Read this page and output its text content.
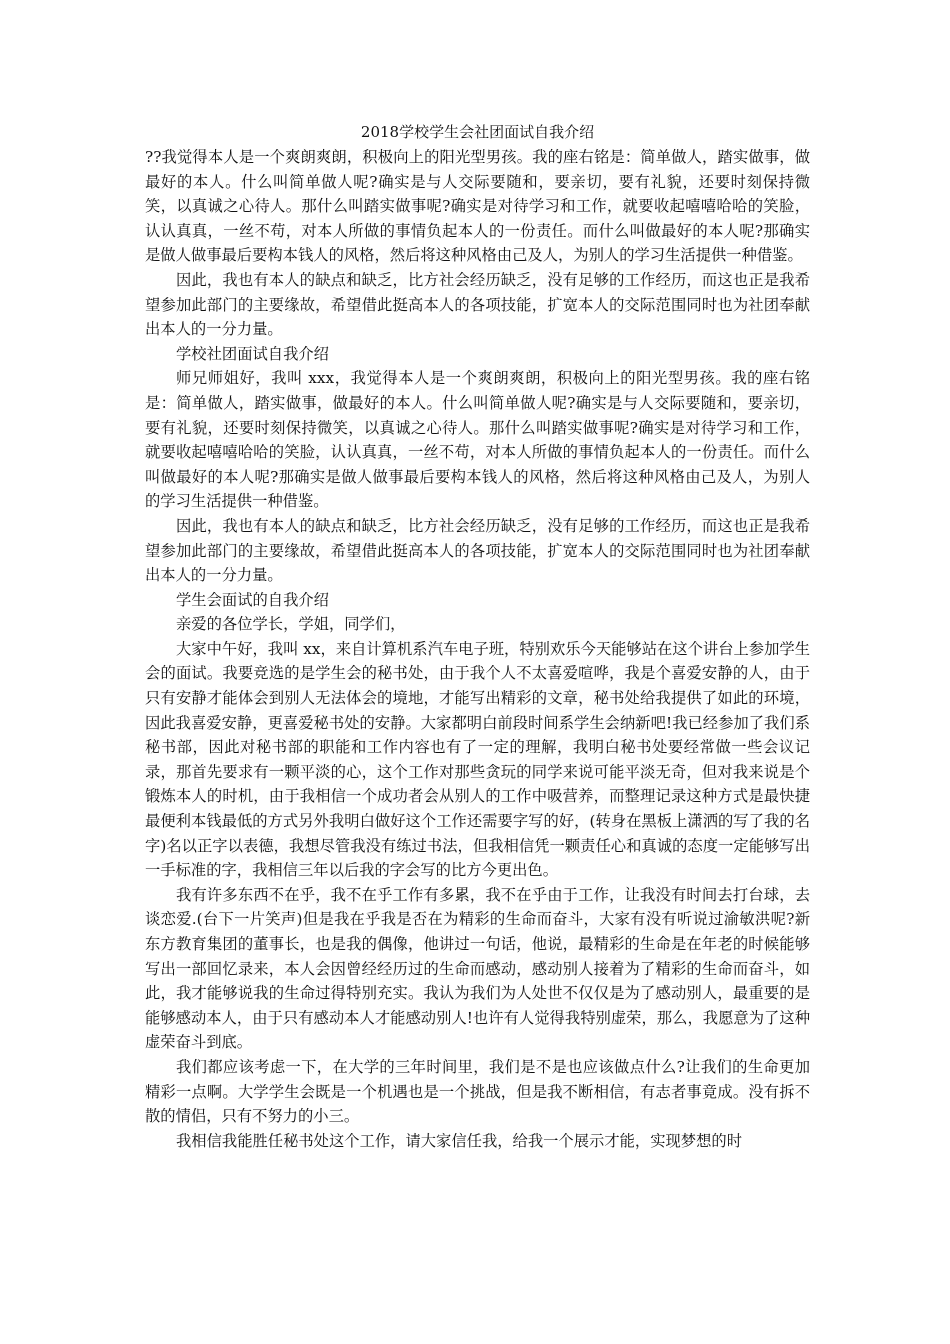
2018学校学生会社团面试自我介绍

??我觉得本人是一个爽朗爽朗，积极向上的阳光型男孩。我的座右铭是：简单做人，踏实做事，做最好的本人。什么叫简单做人呢?确实是与人交际要随和，要亲切，要有礼貌，还要时刻保持微笑，以真诚之心待人。那什么叫踏实做事呢?确实是对待学习和工作，就要收起嘻嘻哈哈的笑脸，认认真真，一丝不苟，对本人所做的事情负起本人的一份责任。而什么叫做最好的本人呢?那确实是做人做事最后要构本钱人的风格，然后将这种风格由己及人，为别人的学习生活提供一种借鉴。

因此，我也有本人的缺点和缺乏，比方社会经历缺乏，没有足够的工作经历，而这也正是我希望参加此部门的主要缘故，希望借此挺高本人的各项技能，扩宽本人的交际范围同时也为社团奉献出本人的一分力量。

学校社团面试自我介绍

师兄师姐好，我叫 xxx，我觉得本人是一个爽朗爽朗，积极向上的阳光型男孩。我的座右铭是：简单做人，踏实做事，做最好的本人。什么叫简单做人呢?确实是与人交际要随和，要亲切，要有礼貌，还要时刻保持微笑，以真诚之心待人。那什么叫踏实做事呢?确实是对待学习和工作，就要收起嘻嘻哈哈的笑脸，认认真真，一丝不苟，对本人所做的事情负起本人的一份责任。而什么叫做最好的本人呢?那确实是做人做事最后要构本钱人的风格，然后将这种风格由己及人，为别人的学习生活提供一种借鉴。

因此，我也有本人的缺点和缺乏，比方社会经历缺乏，没有足够的工作经历，而这也正是我希望参加此部门的主要缘故，希望借此挺高本人的各项技能，扩宽本人的交际范围同时也为社团奉献出本人的一分力量。

学生会面试的自我介绍

亲爱的各位学长，学姐，同学们，

大家中午好，我叫 xx，来自计算机系汽车电子班，特别欢乐今天能够站在这个讲台上参加学生会的面试。我要竞选的是学生会的秘书处，由于我个人不太喜爱喧哗，我是个喜爱安静的人，由于只有安静才能体会到别人无法体会的境地，才能写出精彩的文章，秘书处给我提供了如此的环境，因此我喜爱安静，更喜爱秘书处的安静。大家都明白前段时间系学生会纳新吧!我已经参加了我们系秘书部，因此对秘书部的职能和工作内容也有了一定的理解，我明白秘书处要经常做一些会议记录，那首先要求有一颗平淡的心，这个工作对那些贪玩的同学来说可能平淡无奇，但对我来说是个锻炼本人的时机，由于我相信一个成功者会从别人的工作中吸营养，而整理记录这种方式是最快捷最便利本钱最低的方式另外我明白做好这个工作还需要字写的好，(转身在黑板上潇洒的写了我的名字)名以正字以表德，我想尽管我没有练过书法，但我相信凭一颗责任心和真诚的态度一定能够写出一手标准的字，我相信三年以后我的字会写的比方今更出色。

我有许多东西不在乎，我不在乎工作有多累，我不在乎由于工作，让我没有时间去打台球，去谈恋爱.(台下一片笑声)但是我在乎我是否在为精彩的生命而奋斗，大家有没有听说过渝敏洪呢?新东方教育集团的董事长，也是我的偶像，他讲过一句话，他说，最精彩的生命是在年老的时候能够写出一部回忆录来，本人会因曾经经历过的生命而感动，感动别人接着为了精彩的生命而奋斗，如此，我才能够说我的生命过得特别充实。我认为我们为人处世不仅仅是为了感动别人，最重要的是能够感动本人，由于只有感动本人才能感动别人!也许有人觉得我特别虚荣，那么，我愿意为了这种虚荣奋斗到底。

我们都应该考虑一下，在大学的三年时间里，我们是不是也应该做点什么?让我们的生命更加精彩一点啊。大学学生会既是一个机遇也是一个挑战，但是我不断相信，有志者事竟成。没有拆不散的情侣，只有不努力的小三。

我相信我能胜任秘书处这个工作，请大家信任我，给我一个展示才能，实现梦想的时
